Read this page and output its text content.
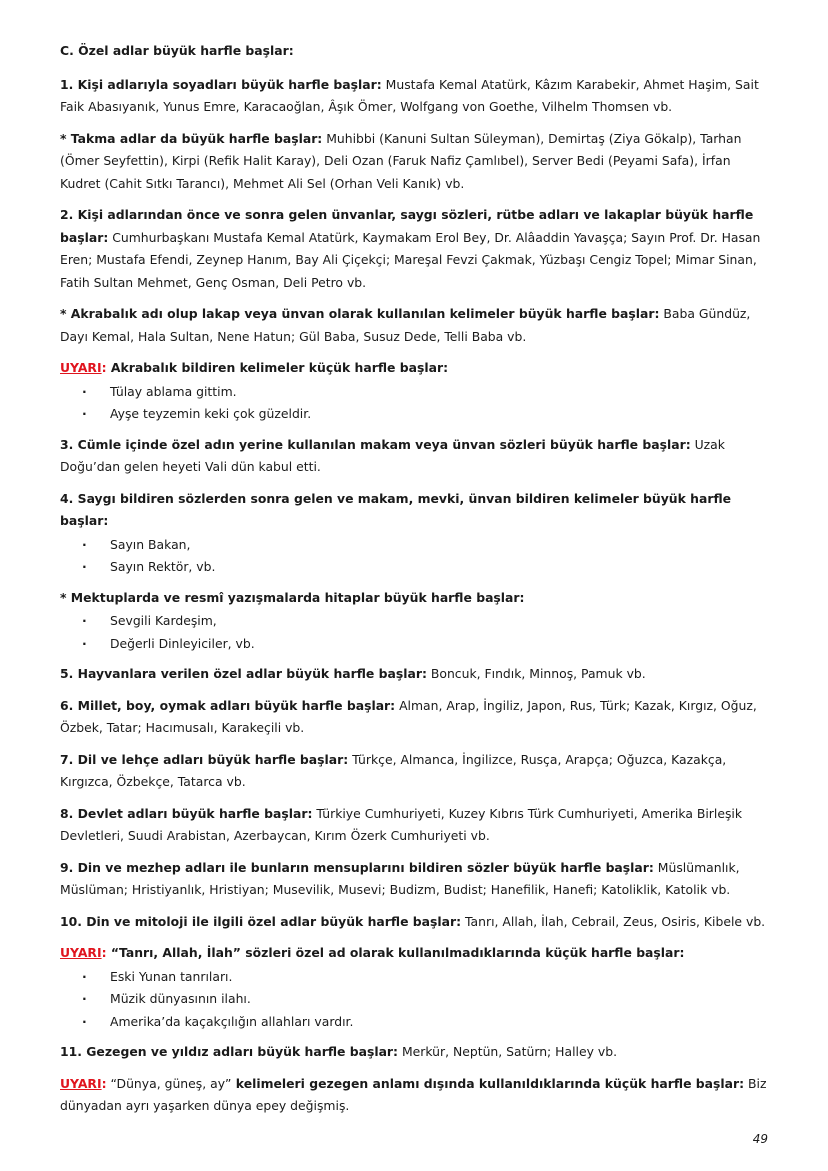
C. Özel adlar büyük harfle başlar:

1. Kişi adlarıyla soyadları büyük harfle başlar: Mustafa Kemal Atatürk, Kâzım Karabekir, Ahmet Haşim, Sait Faik Abasıyanık, Yunus Emre, Karacaoğlan, Âşık Ömer, Wolfgang von Goethe, Vilhelm Thomsen vb.

* Takma adlar da büyük harfle başlar: Muhibbi (Kanuni Sultan Süleyman), Demirtaş (Ziya Gökalp), Tarhan (Ömer Seyfettin), Kirpi (Refik Halit Karay), Deli Ozan (Faruk Nafiz Çamlıbel), Server Bedi (Peyami Safa), İrfan Kudret (Cahit Sıtkı Tarancı), Mehmet Ali Sel (Orhan Veli Kanık) vb.

2. Kişi adlarından önce ve sonra gelen ünvanlar, saygı sözleri, rütbe adları ve lakaplar büyük harfle başlar: Cumhurbaşkanı Mustafa Kemal Atatürk, Kaymakam Erol Bey, Dr. Alâaddin Yavaşça; Sayın Prof. Dr. Hasan Eren; Mustafa Efendi, Zeynep Hanım, Bay Ali Çiçekçi; Mareşal Fevzi Çakmak, Yüzbaşı Cengiz Topel; Mimar Sinan, Fatih Sultan Mehmet, Genç Osman, Deli Petro vb.

* Akrabalık adı olup lakap veya ünvan olarak kullanılan kelimeler büyük harfle başlar: Baba Gündüz, Dayı Kemal, Hala Sultan, Nene Hatun; Gül Baba, Susuz Dede, Telli Baba vb.

UYARI: Akrabalık bildiren kelimeler küçük harfle başlar:

· Tülay ablama gittim.
· Ayşe teyzemin keki çok güzeldir.

3. Cümle içinde özel adın yerine kullanılan makam veya ünvan sözleri büyük harfle başlar: Uzak Doğu’dan gelen heyeti Vali dün kabul etti.

4. Saygı bildiren sözlerden sonra gelen ve makam, mevki, ünvan bildiren kelimeler büyük harfle başlar:

· Sayın Bakan,
· Sayın Rektör, vb.

* Mektuplarda ve resmî yazışmalarda hitaplar büyük harfle başlar:

· Sevgili Kardeşim,
· Değerli Dinleyiciler, vb.

5. Hayvanlara verilen özel adlar büyük harfle başlar: Boncuk, Fındık, Minnoş, Pamuk vb.

6. Millet, boy, oymak adları büyük harfle başlar: Alman, Arap, İngiliz, Japon, Rus, Türk; Kazak, Kırgız, Oğuz, Özbek, Tatar; Hacımusalı, Karakeçili vb.

7. Dil ve lehçe adları büyük harfle başlar: Türkçe, Almanca, İngilizce, Rusça, Arapça; Oğuzca, Kazakça, Kırgızca, Özbekçe, Tatarca vb.

8. Devlet adları büyük harfle başlar: Türkiye Cumhuriyeti, Kuzey Kıbrıs Türk Cumhuriyeti, Amerika Birleşik Devletleri, Suudi Arabistan, Azerbaycan, Kırım Özerk Cumhuriyeti vb.

9. Din ve mezhep adları ile bunların mensuplarını bildiren sözler büyük harfle başlar: Müslümanlık, Müslüman; Hristiyanlık, Hristiyan; Musevilik, Musevi; Budizm, Budist; Hanefilik, Hanefi; Katoliklik, Katolik vb.

10. Din ve mitoloji ile ilgili özel adlar büyük harfle başlar: Tanrı, Allah, İlah, Cebrail, Zeus, Osiris, Kibele vb.

UYARI: “Tanrı, Allah, İlah” sözleri özel ad olarak kullanılmadıklarında küçük harfle başlar:

· Eski Yunan tanrıları.
· Müzik dünyasının ilahı.
· Amerika’da kaçakçılığın allahları vardır.

11. Gezegen ve yıldız adları büyük harfle başlar: Merkür, Neptün, Satürn; Halley vb.

UYARI: “Dünya, güneş, ay” kelimeleri gezegen anlamı dışında kullanıldıklarında küçük harfle başlar: Biz dünyadan ayrı yaşarken dünya epey değişmiş.

49
